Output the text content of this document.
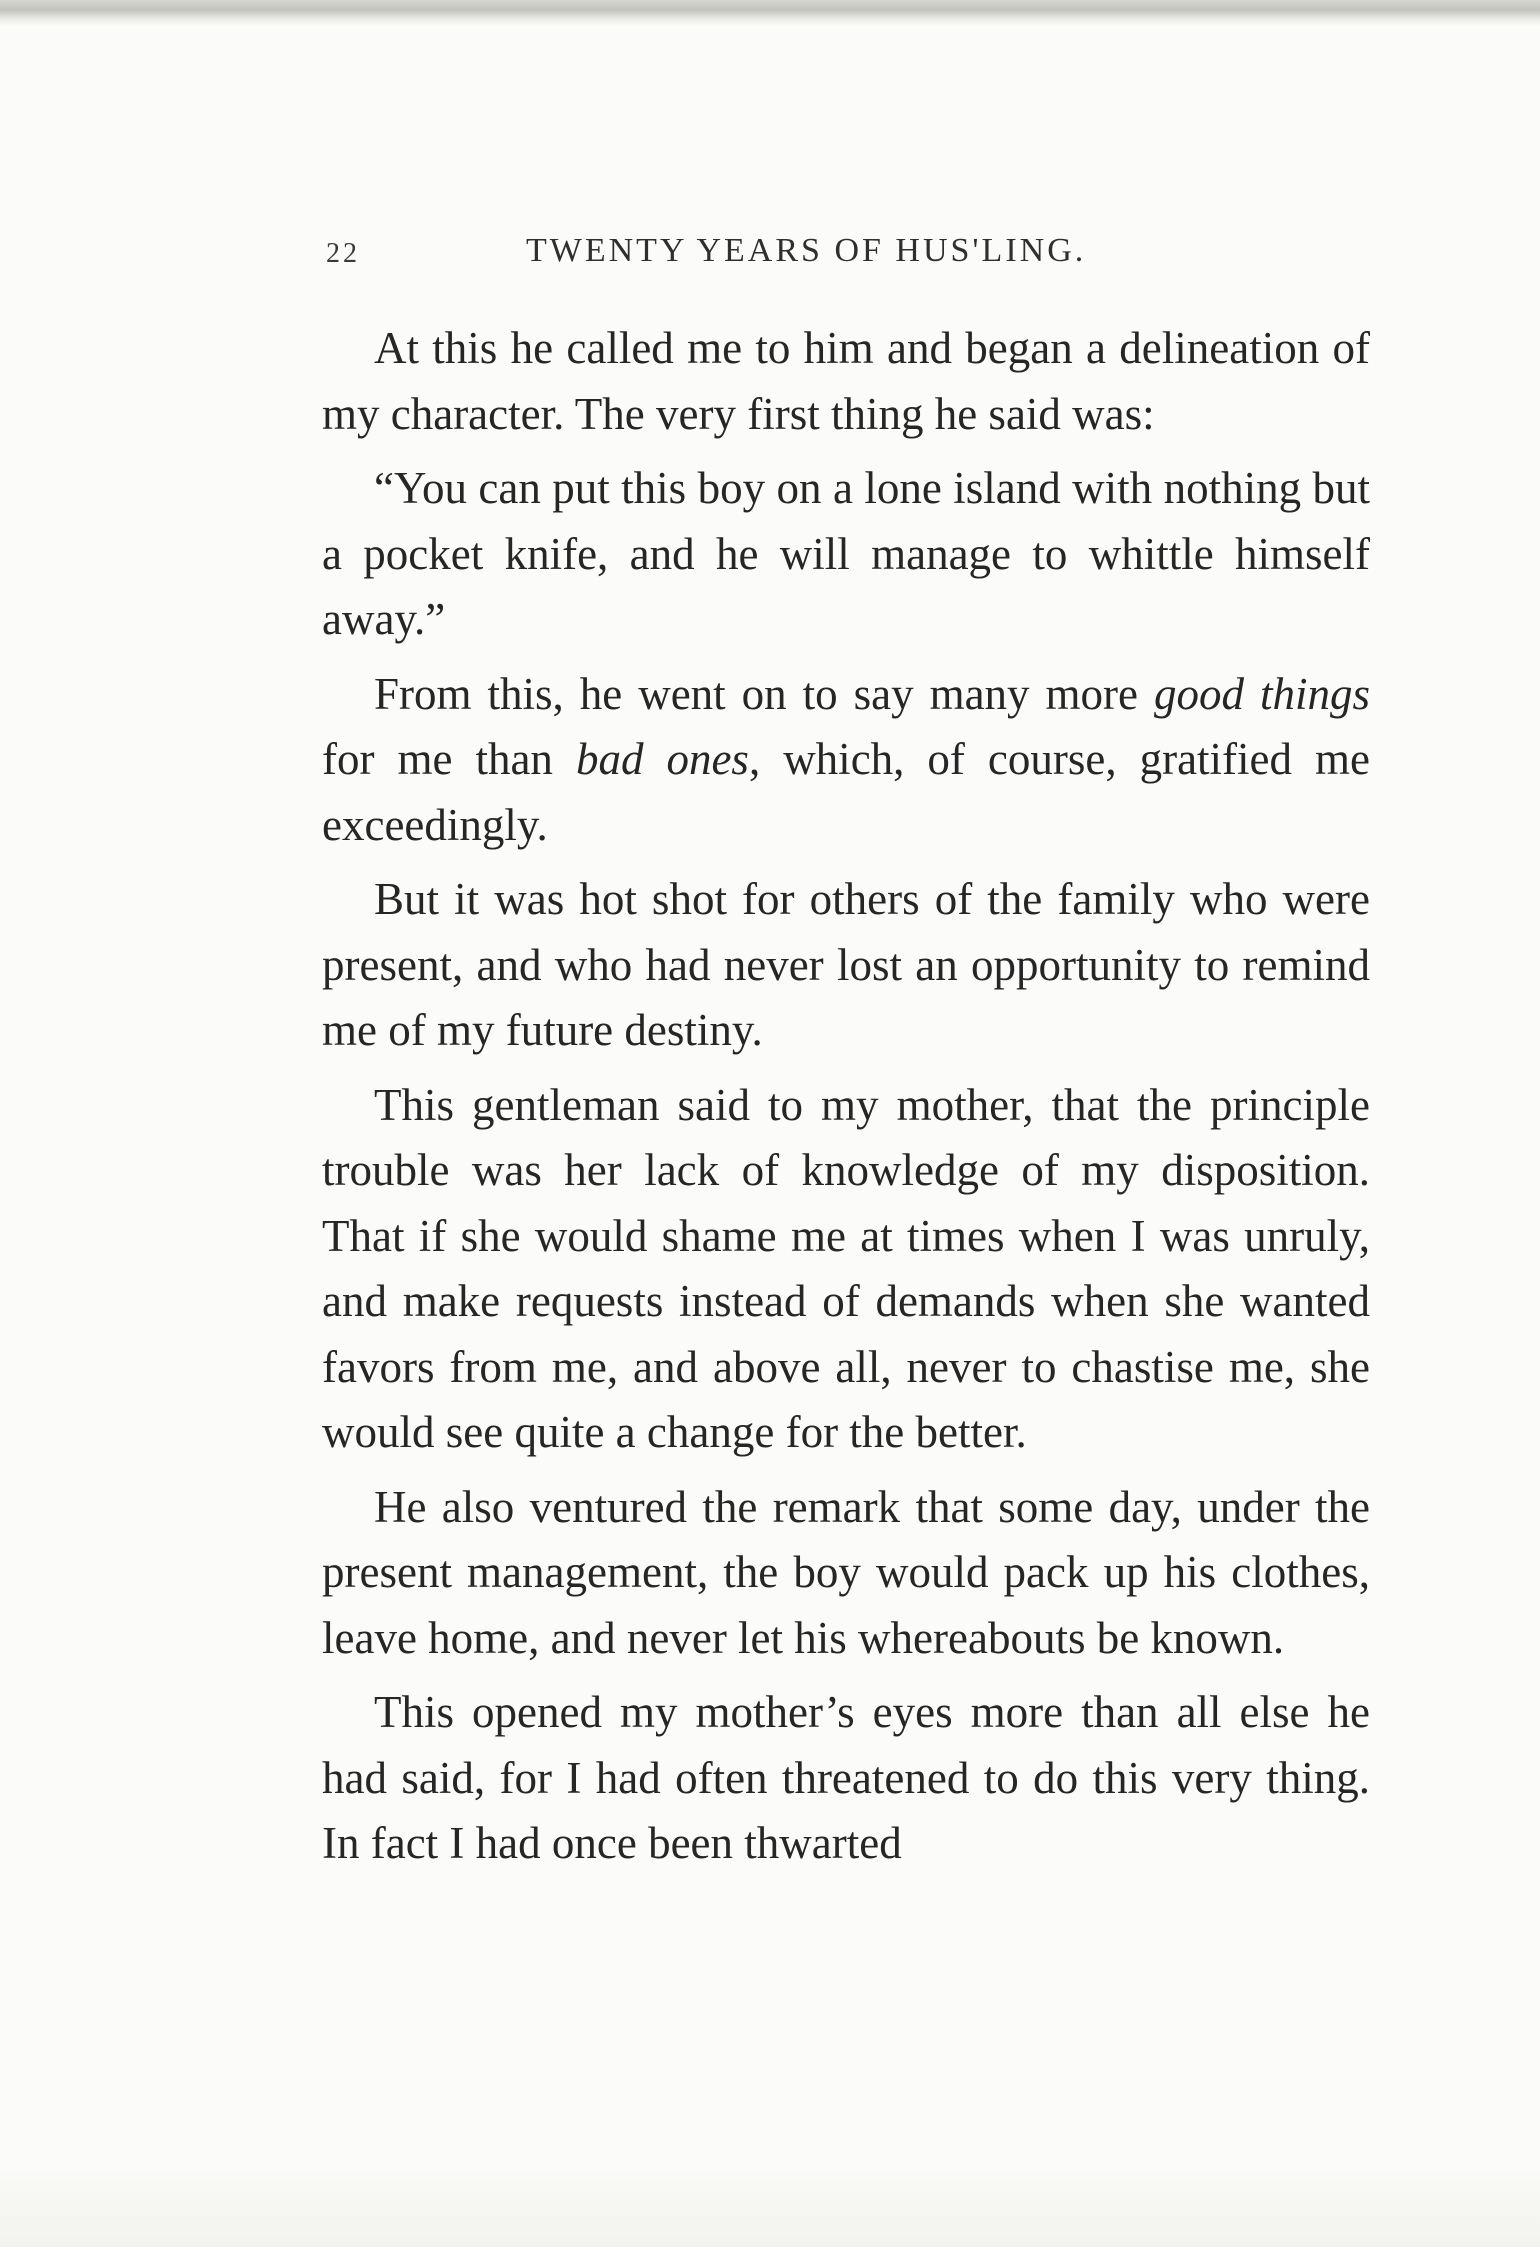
22	TWENTY YEARS OF HUS'LING.

At this he called me to him and began a delineation of my character. The very first thing he said was:

“You can put this boy on a lone island with nothing but a pocket knife, and he will manage to whittle himself away.”

From this, he went on to say many more good things for me than bad ones, which, of course, gratified me exceedingly.

But it was hot shot for others of the family who were present, and who had never lost an opportunity to remind me of my future destiny.

This gentleman said to my mother, that the principle trouble was her lack of knowledge of my disposition. That if she would shame me at times when I was unruly, and make requests instead of demands when she wanted favors from me, and above all, never to chastise me, she would see quite a change for the better.

He also ventured the remark that some day, under the present management, the boy would pack up his clothes, leave home, and never let his whereabouts be known.

This opened my mother’s eyes more than all else he had said, for I had often threatened to do this very thing. In fact I had once been thwarted
